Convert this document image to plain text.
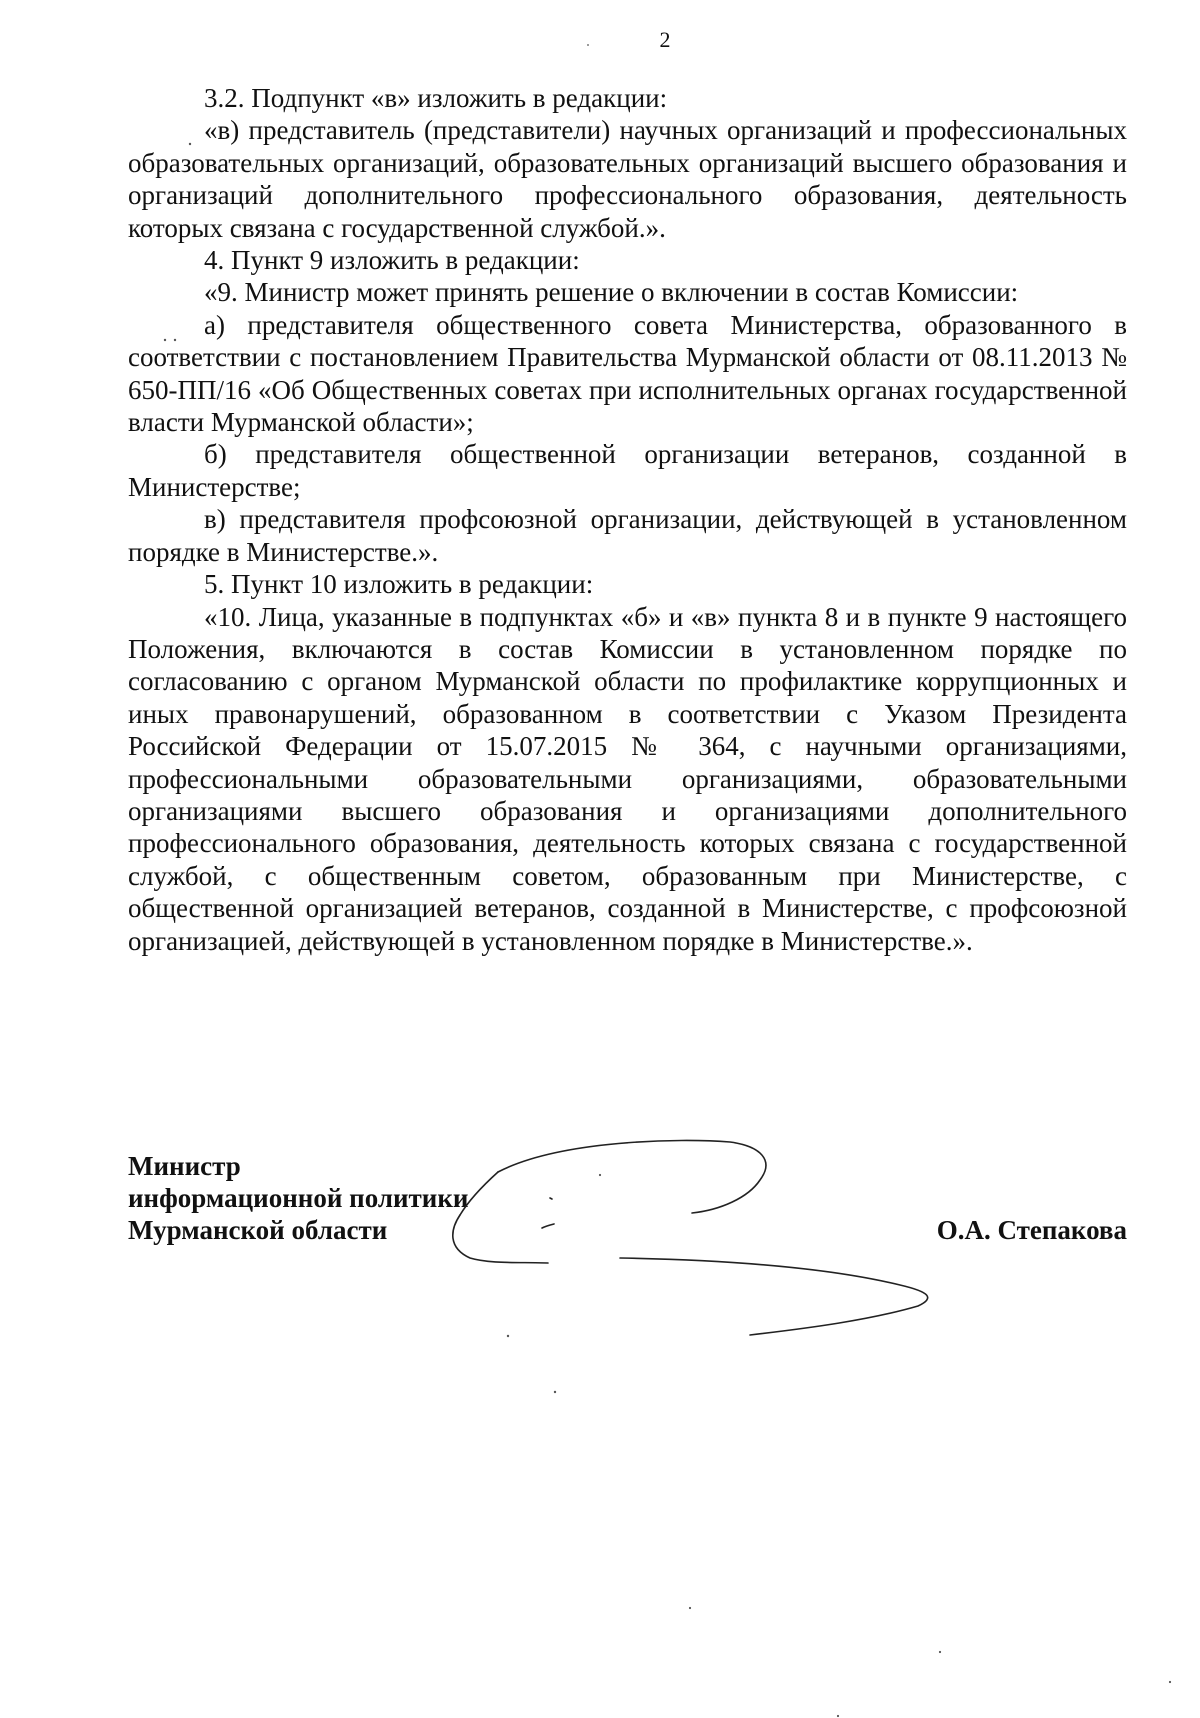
2

3.2. Подпункт «в» изложить в редакции:

«в) представитель (представители) научных организаций и профессиональных образовательных организаций, образовательных организаций высшего образования и организаций дополнительного профессионального образования, деятельность которых связана с государственной службой.».

4. Пункт 9 изложить в редакции:

«9. Министр может принять решение о включении в состав Комиссии:

а) представителя общественного совета Министерства, образованного в соответствии с постановлением Правительства Мурманской области от 08.11.2013 № 650-ПП/16 «Об Общественных советах при исполнительных органах государственной власти Мурманской области»;

б) представителя общественной организации ветеранов, созданной в Министерстве;

в) представителя профсоюзной организации, действующей в установленном порядке в Министерстве.».

5. Пункт 10 изложить в редакции:

«10. Лица, указанные в подпунктах «б» и «в» пункта 8 и в пункте 9 настоящего Положения, включаются в состав Комиссии в установленном порядке по согласованию с органом Мурманской области по профилактике коррупционных и иных правонарушений, образованном в соответствии с Указом Президента Российской Федерации от 15.07.2015 № 364, с научными организациями, профессиональными образовательными организациями, образовательными организациями высшего образования и организациями дополнительного профессионального образования, деятельность которых связана с государственной службой, с общественным советом, образованным при Министерстве, с общественной организацией ветеранов, созданной в Министерстве, с профсоюзной организацией, действующей в установленном порядке в Министерстве.».

Министр
информационной политики
Мурманской области	О.А. Степакова
